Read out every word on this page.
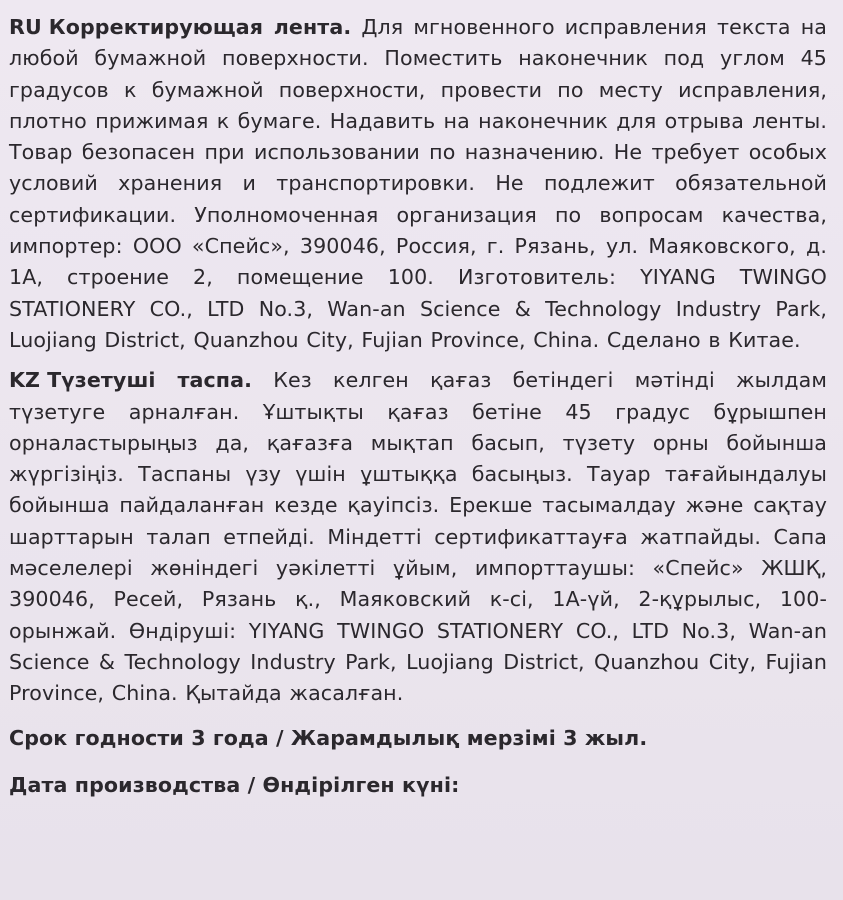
RU Корректирующая лента. Для мгновенного исправления текста на любой бумажной поверхности. Поместить наконечник под углом 45 градусов к бумажной поверхности, провести по месту исправления, плотно прижимая к бумаге. Надавить на наконечник для отрыва ленты. Товар безопасен при использовании по назначению. Не требует особых условий хранения и транспортировки. Не подлежит обязательной сертификации. Уполномоченная организация по вопросам качества, импортер: ООО «Спейс», 390046, Россия, г. Рязань, ул. Маяковского, д. 1А, строение 2, помещение 100. Изготовитель: YIYANG TWINGO STATIONERY CO., LTD No.3, Wan-an Science & Technology Industry Park, Luojiang District, Quanzhou City, Fujian Province, China. Сделано в Китае.

KZ Түзетуші таспа. Кез келген қағаз бетіндегі мәтінді жылдам түзетуге арналған. Ұштықты қағаз бетіне 45 градус бұрышпен орналастырыңыз да, қағазға мықтап басып, түзету орны бойынша жүргізіңіз. Таспаны үзу үшін ұштыққа басыңыз. Тауар тағайындалуы бойынша пайдаланған кезде қауіпсіз. Ерекше тасымалдау және сақтау шарттарын талап етпейді. Міндетті сертификаттауға жатпайды. Сапа мәселелері жөніндегі уәкілетті ұйым, импорттаушы: «Спейс» ЖШҚ, 390046, Ресей, Рязань қ., Маяковский к-сі, 1А-үй, 2-құрылыс, 100-орынжай. Өндіруші: YIYANG TWINGO STATIONERY CO., LTD No.3, Wan-an Science & Technology Industry Park, Luojiang District, Quanzhou City, Fujian Province, China. Қытайда жасалған.

Срок годности 3 года / Жарамдылық мерзімі 3 жыл.

Дата производства / Өндірілген күні:
